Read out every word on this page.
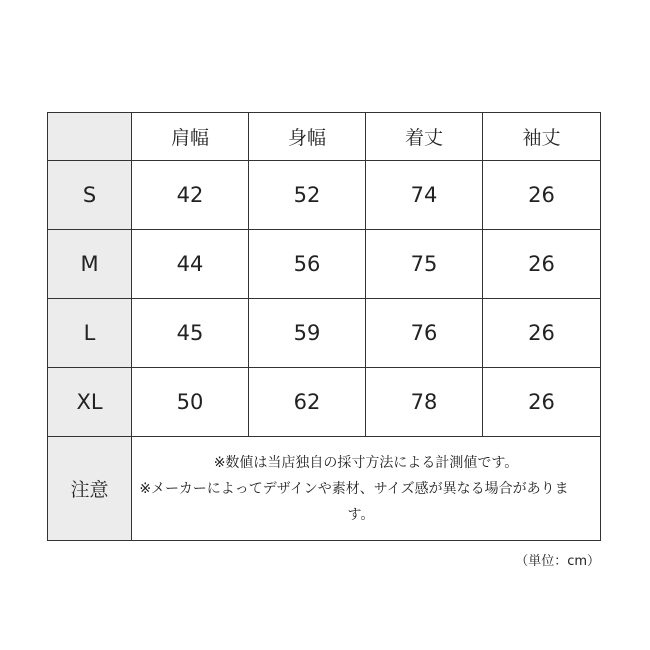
	肩幅	身幅	着丈	袖丈
S	42	52	74	26
M	44	56	75	26
L	45	59	76	26
XL	50	62	78	26
注意	※数値は当店独自の採寸方法による計測値です。
※メーカーによってデザインや素材、サイズ感が異なる場合があります。			
（単位：cm）
